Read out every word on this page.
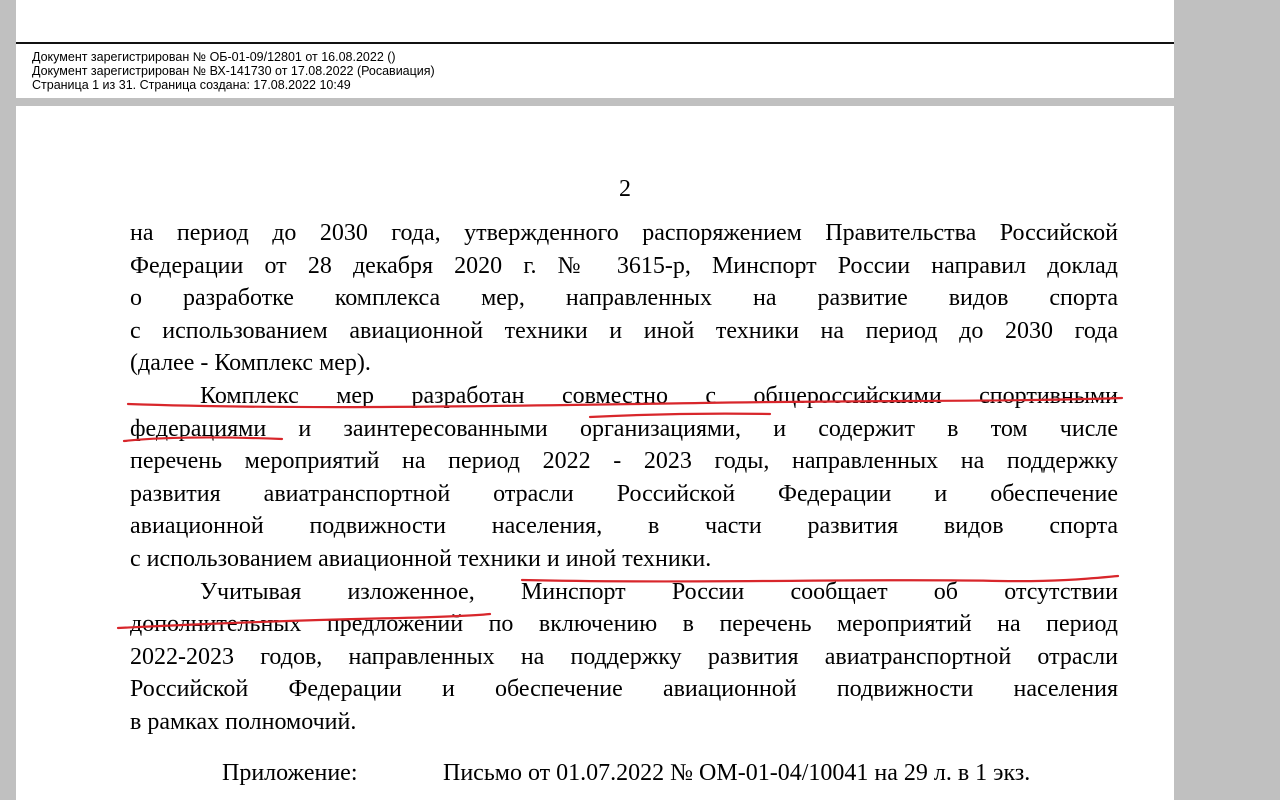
Документ зарегистрирован № ОБ-01-09/12801 от 16.08.2022 ()
Документ зарегистрирован № ВХ-141730 от 17.08.2022 (Росавиация)
Страница 1 из 31. Страница создана: 17.08.2022 10:49
2
на период до 2030 года, утвержденного распоряжением Правительства Российской
Федерации от 28 декабря 2020 г. № 3615-р, Минспорт России направил доклад
о разработке комплекса мер, направленных на развитие видов спорта
с использованием авиационной техники и иной техники на период до 2030 года
(далее - Комплекс мер).
Комплекс мер разработан совместно с общероссийскими спортивными
федерациями и заинтересованными организациями, и содержит в том числе
перечень мероприятий на период 2022 - 2023 годы, направленных на поддержку
развития авиатранспортной отрасли Российской Федерации и обеспечение
авиационной подвижности населения, в части развития видов спорта
с использованием авиационной техники и иной техники.
Учитывая изложенное, Минспорт России сообщает об отсутствии
дополнительных предложений по включению в перечень мероприятий на период
2022-2023 годов, направленных на поддержку развития авиатранспортной отрасли
Российской Федерации и обеспечение авиационной подвижности населения
в рамках полномочий.
Приложение:	Письмо от 01.07.2022 № ОМ-01-04/10041 на 29 л. в 1 экз.
